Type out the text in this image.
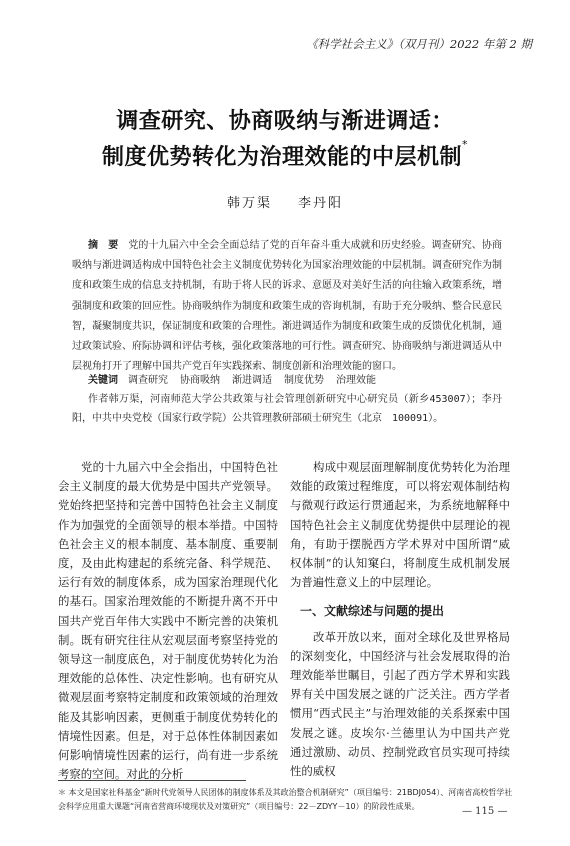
《科学社会主义》（双月刊）2022 年第 2 期
调查研究、协商吸纳与渐进调适：
制度优势转化为治理效能的中层机制*
韩万渠 李丹阳
摘　要 党的十九届六中全会全面总结了党的百年奋斗重大成就和历史经验。调查研究、协商吸纳与渐进调适构成中国特色社会主义制度优势转化为国家治理效能的中层机制。调查研究作为制度和政策生成的信息支持机制，有助于将人民的诉求、意愿及对美好生活的向往输入政策系统，增强制度和政策的回应性。协商吸纳作为制度和政策生成的咨询机制，有助于充分吸纳、整合民意民智，凝聚制度共识，保证制度和政策的合理性。渐进调适作为制度和政策生成的反馈优化机制，通过政策试验、府际协调和评估考核，强化政策落地的可行性。调查研究、协商吸纳与渐进调适从中层视角打开了理解中国共产党百年实践探索、制度创新和治理效能的窗口。
关键词 调查研究 协商吸纳 渐进调适 制度优势 治理效能
作者韩万渠，河南师范大学公共政策与社会管理创新研究中心研究员（新乡453007）；李丹阳，中共中央党校（国家行政学院）公共管理教研部硕士研究生（北京　100091）。

党的十九届六中全会指出，中国特色社会主义制度的最大优势是中国共产党领导。党始终把坚持和完善中国特色社会主义制度作为加强党的全面领导的根本举措。中国特色社会主义的根本制度、基本制度、重要制度，及由此构建起的系统完备、科学规范、运行有效的制度体系，成为国家治理现代化的基石。国家治理效能的不断提升离不开中国共产党百年伟大实践中不断完善的决策机制。既有研究往往从宏观层面考察坚持党的领导这一制度底色，对于制度优势转化为治理效能的总体性、决定性影响。也有研究从微观层面考察特定制度和政策领域的治理效能及其影响因素，更侧重于制度优势转化的情境性因素。但是，对于总体性体制因素如何影响情境性因素的运行，尚有进一步系统考察的空间。对此的分析

构成中观层面理解制度优势转化为治理效能的政策过程维度，可以将宏观体制结构与微观行政运行贯通起来，为系统地解释中国特色社会主义制度优势提供中层理论的视角，有助于摆脱西方学术界对中国所谓“威权体制”的认知窠臼，将制度生成机制发展为普遍性意义上的中层理论。

一、文献综述与问题的提出

改革开放以来，面对全球化及世界格局的深刻变化，中国经济与社会发展取得的治理效能举世瞩目，引起了西方学术界和实践界有关中国发展之谜的广泛关注。西方学者惯用“西式民主”与治理效能的关系探索中国发展之谜。皮埃尔·兰德里认为中国共产党通过激励、动员、控制党政官员实现可持续性的威权

＊ 本文是国家社科基金“新时代党领导人民团体的制度体系及其政治整合机制研究”（项目编号：21BDJ054）、河南省高校哲学社会科学应用重大课题“河南省营商环境现状及对策研究”（项目编号：22－ZDYY－10）的阶段性成果。	— 115 —
